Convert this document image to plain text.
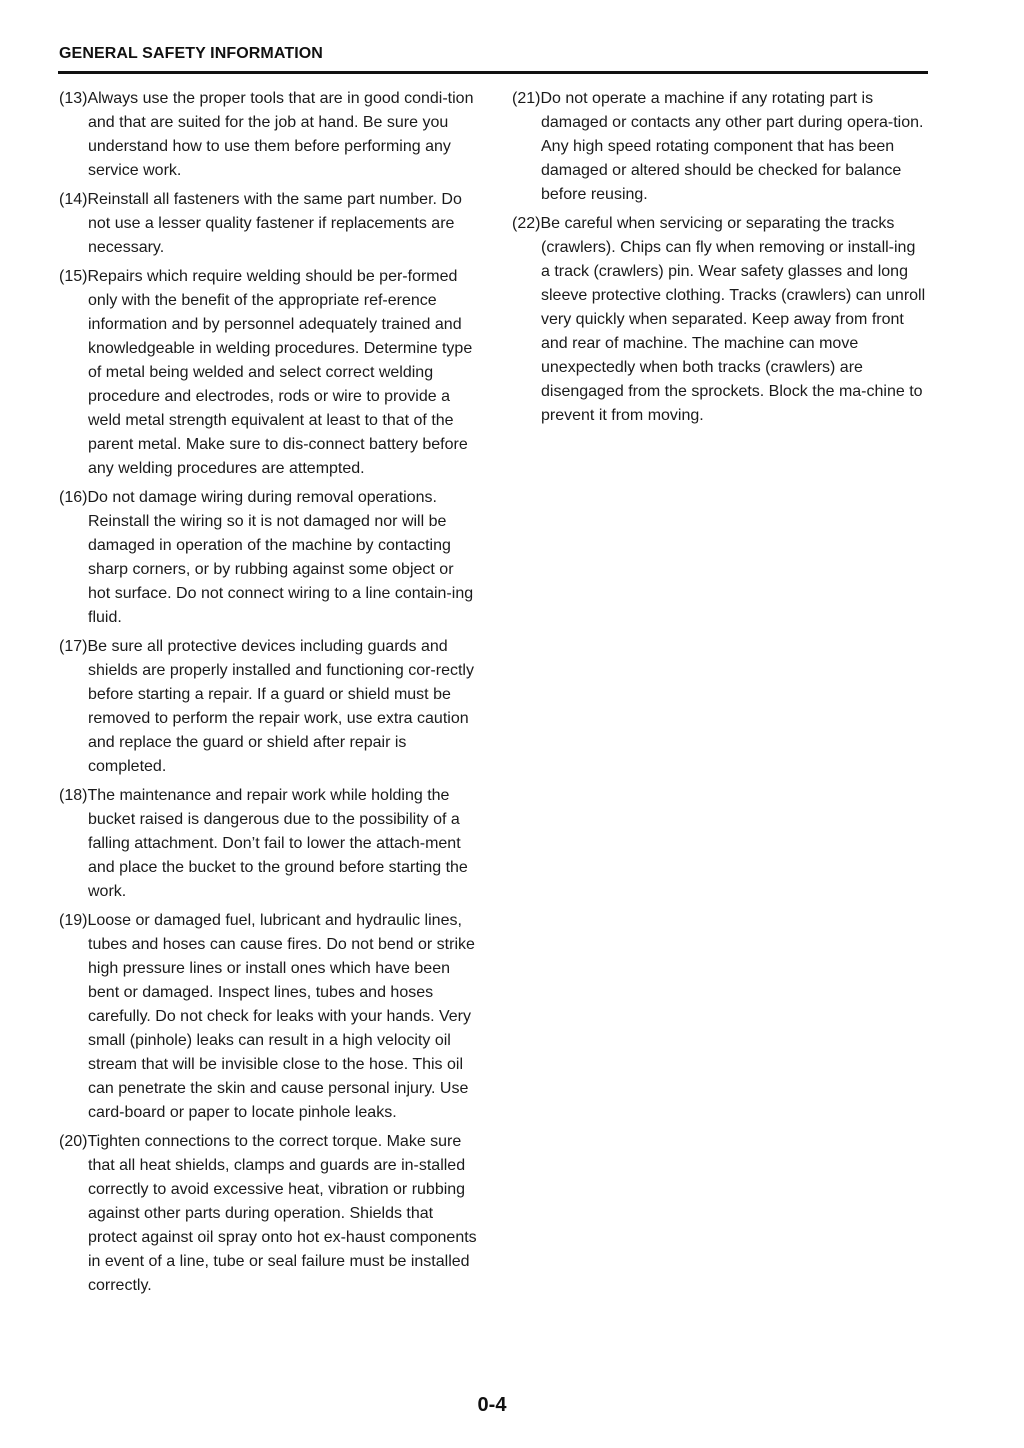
GENERAL SAFETY INFORMATION

(13)Always use the proper tools that are in good condi-tion and that are suited for the job at hand. Be sure you understand how to use them before performing any service work.

(14)Reinstall all fasteners with the same part number. Do not use a lesser quality fastener if replacements are necessary.

(15)Repairs which require welding should be per-formed only with the benefit of the appropriate ref-erence information and by personnel adequately trained and knowledgeable in welding procedures. Determine type of metal being welded and select correct welding procedure and electrodes, rods or wire to provide a weld metal strength equivalent at least to that of the parent metal. Make sure to dis-connect battery before any welding procedures are attempted.

(16)Do not damage wiring during removal operations. Reinstall the wiring so it is not damaged nor will be damaged in operation of the machine by contacting sharp corners, or by rubbing against some object or hot surface. Do not connect wiring to a line contain-ing fluid.

(17)Be sure all protective devices including guards and shields are properly installed and functioning cor-rectly before starting a repair. If a guard or shield must be removed to perform the repair work, use extra caution and replace the guard or shield after repair is completed.

(18)The maintenance and repair work while holding the bucket raised is dangerous due to the possibility of a falling attachment. Don’t fail to lower the attach-ment and place the bucket to the ground before starting the work.

(19)Loose or damaged fuel, lubricant and hydraulic lines, tubes and hoses can cause fires. Do not bend or strike high pressure lines or install ones which have been bent or damaged. Inspect lines, tubes and hoses carefully. Do not check for leaks with your hands. Very small (pinhole) leaks can result in a high velocity oil stream that will be invisible close to the hose. This oil can penetrate the skin and cause personal injury. Use card-board or paper to locate pinhole leaks.

(20)Tighten connections to the correct torque. Make sure that all heat shields, clamps and guards are in-stalled correctly to avoid excessive heat, vibration or rubbing against other parts during operation. Shields that protect against oil spray onto hot ex-haust components in event of a line, tube or seal failure must be installed correctly.

(21)Do not operate a machine if any rotating part is damaged or contacts any other part during opera-tion. Any high speed rotating component that has been damaged or altered should be checked for balance before reusing.

(22)Be careful when servicing or separating the tracks (crawlers). Chips can fly when removing or install-ing a track (crawlers) pin. Wear safety glasses and long sleeve protective clothing. Tracks (crawlers) can unroll very quickly when separated. Keep away from front and rear of machine. The machine can move unexpectedly when both tracks (crawlers) are disengaged from the sprockets. Block the ma-chine to prevent it from moving.

0-4
